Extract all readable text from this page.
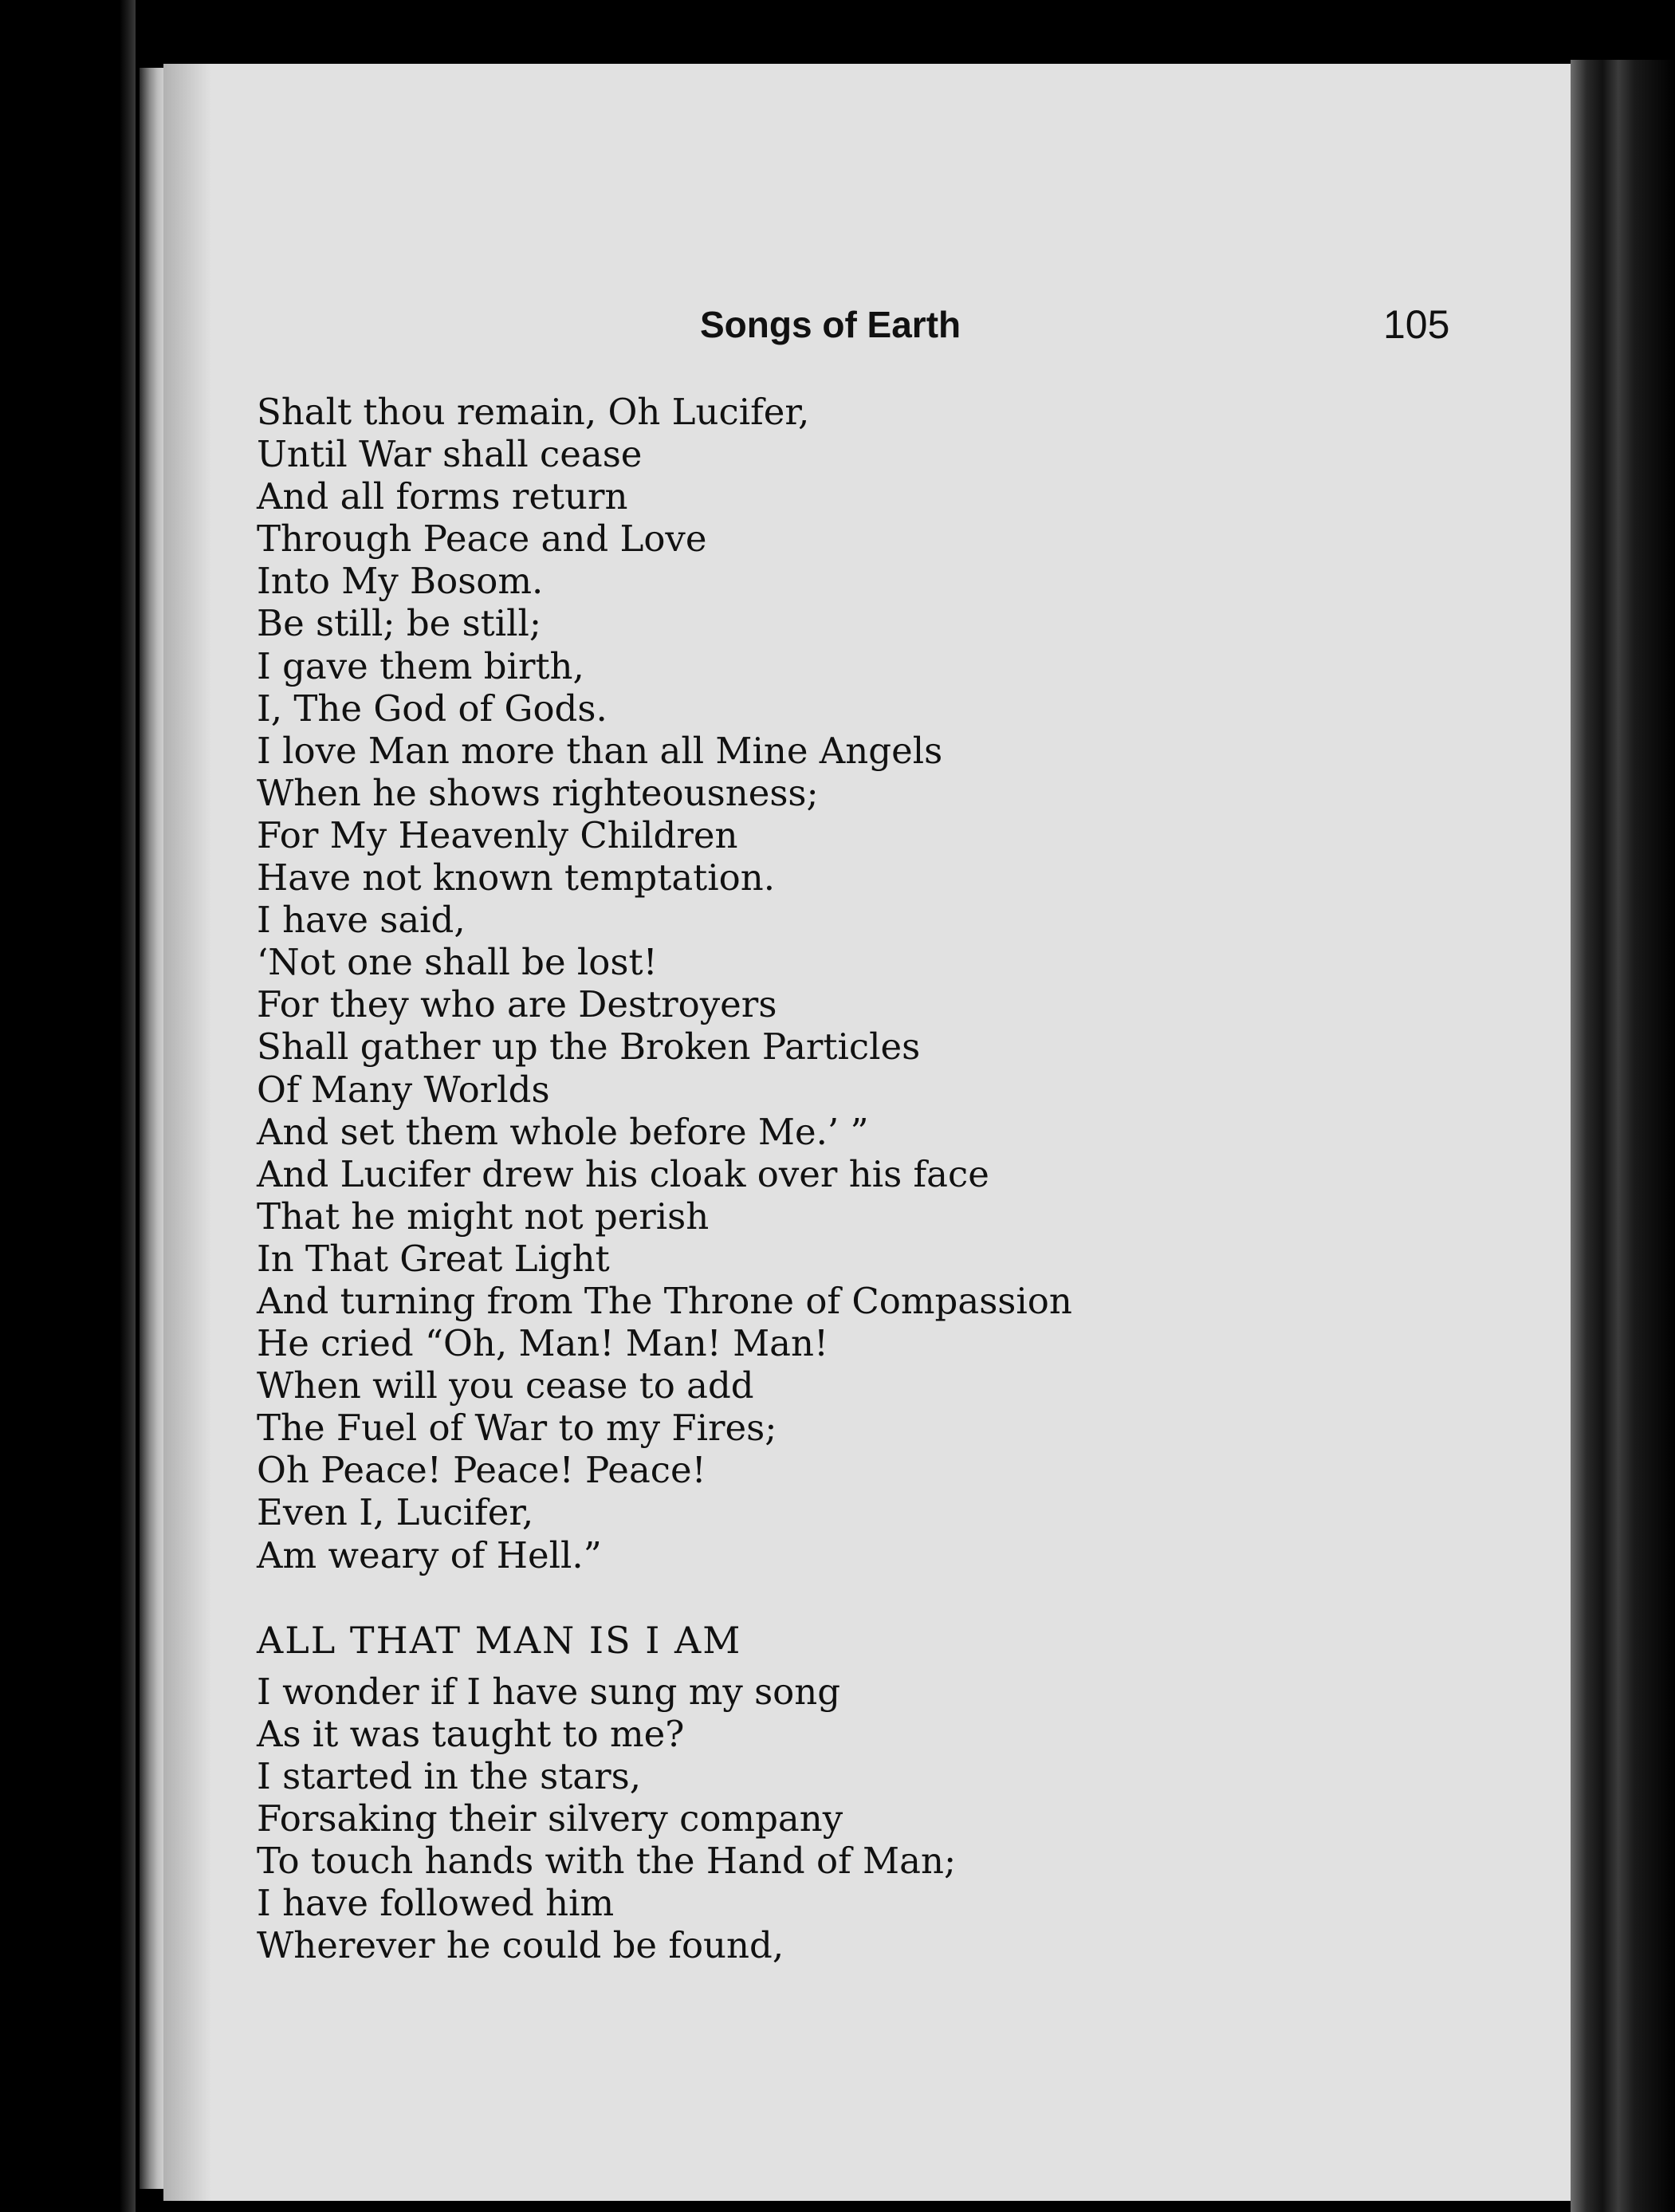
Songs of Earth	105
Shalt thou remain, Oh Lucifer,
Until War shall cease
And all forms return
Through Peace and Love
Into My Bosom.
Be still; be still;
I gave them birth,
I, The God of Gods.
I love Man more than all Mine Angels
When he shows righteousness;
For My Heavenly Children
Have not known temptation.
I have said,
‘Not one shall be lost!
For they who are Destroyers
Shall gather up the Broken Particles
Of Many Worlds
And set them whole before Me.’ ”
And Lucifer drew his cloak over his face
That he might not perish
In That Great Light
And turning from The Throne of Compassion
He cried “Oh, Man! Man! Man!
When will you cease to add
The Fuel of War to my Fires;
Oh Peace! Peace! Peace!
Even I, Lucifer,
Am weary of Hell.”
ALL THAT MAN IS I AM
I wonder if I have sung my song
As it was taught to me?
I started in the stars,
Forsaking their silvery company
To touch hands with the Hand of Man;
I have followed him
Wherever he could be found,
